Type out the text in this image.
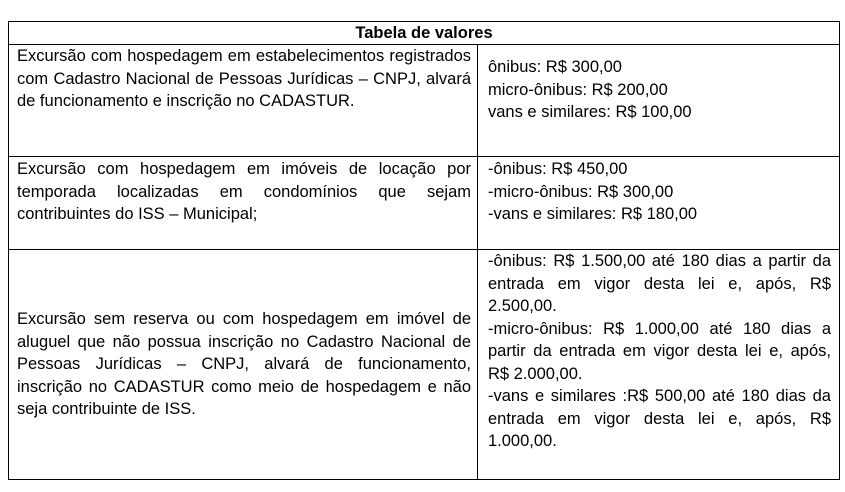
Tabela de valores
Excursão com hospedagem em estabelecimentos registrados com Cadastro Nacional de Pessoas Jurídicas – CNPJ, alvará de funcionamento e inscrição no CADASTUR.
ônibus: R$ 300,00
micro-ônibus: R$ 200,00
vans e similares: R$ 100,00
Excursão com hospedagem em imóveis de locação por temporada localizadas em condomínios que sejam contribuintes do ISS – Municipal;
-ônibus: R$ 450,00
-micro-ônibus: R$ 300,00
-vans e similares: R$ 180,00
Excursão sem reserva ou com hospedagem em imóvel de aluguel que não possua inscrição no Cadastro Nacional de Pessoas Jurídicas – CNPJ, alvará de funcionamento, inscrição no CADASTUR como meio de hospedagem e não seja contribuinte de ISS.
-ônibus: R$ 1.500,00 até 180 dias a partir da entrada em vigor desta lei e, após, R$ 2.500,00.
-micro-ônibus: R$ 1.000,00 até 180 dias a partir da entrada em vigor desta lei e, após, R$ 2.000,00.
-vans e similares :R$ 500,00 até 180 dias da entrada em vigor desta lei e, após, R$ 1.000,00.
